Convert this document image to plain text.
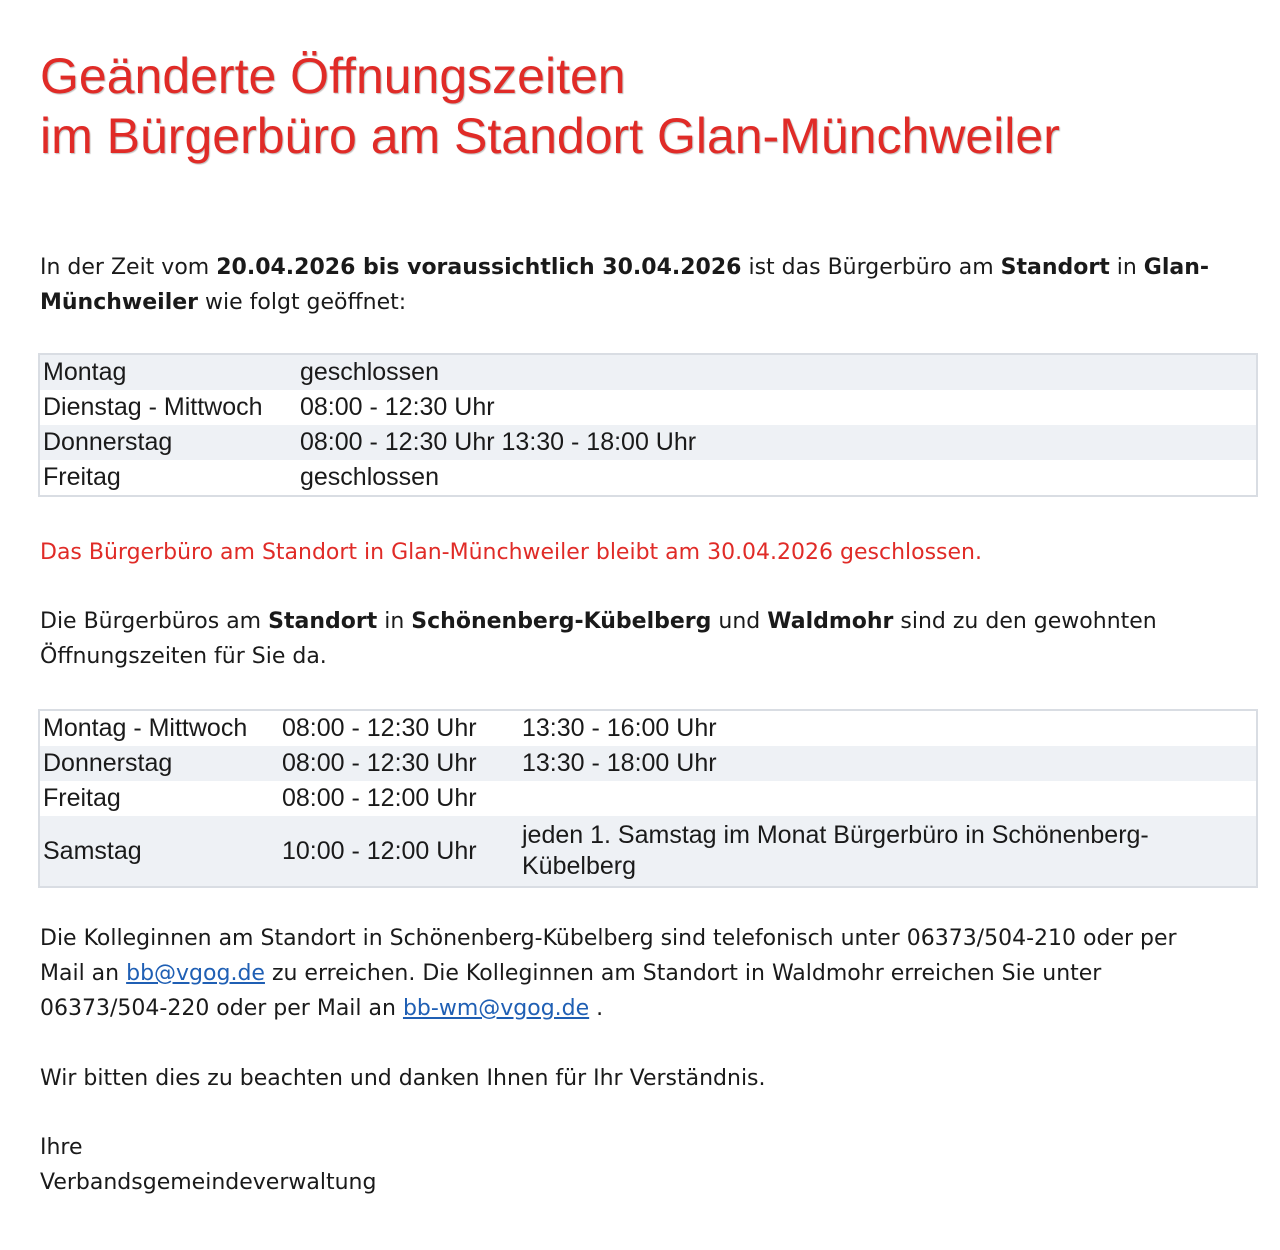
Geänderte Öffnungszeiten
im Bürgerbüro am Standort Glan-Münchweiler

In der Zeit vom 20.04.2026 bis voraussichtlich 30.04.2026 ist das Bürgerbüro am Standort in Glan-Münchweiler wie folgt geöffnet:

Montag	geschlossen
Dienstag - Mittwoch	08:00 - 12:30 Uhr
Donnerstag	08:00 - 12:30 Uhr 13:30 - 18:00 Uhr
Freitag	geschlossen

Das Bürgerbüro am Standort in Glan-Münchweiler bleibt am 30.04.2026 geschlossen.

Die Bürgerbüros am Standort in Schönenberg-Kübelberg und Waldmohr sind zu den gewohnten Öffnungszeiten für Sie da.

Montag - Mittwoch	08:00 - 12:30 Uhr	13:30 - 16:00 Uhr
Donnerstag	08:00 - 12:30 Uhr	13:30 - 18:00 Uhr
Freitag	08:00 - 12:00 Uhr	
Samstag	10:00 - 12:00 Uhr	jeden 1. Samstag im Monat Bürgerbüro in Schönenberg-Kübelberg

Die Kolleginnen am Standort in Schönenberg-Kübelberg sind telefonisch unter 06373/504-210 oder per Mail an bb@vgog.de zu erreichen. Die Kolleginnen am Standort in Waldmohr erreichen Sie unter 06373/504-220 oder per Mail an bb-wm@vgog.de .

Wir bitten dies zu beachten und danken Ihnen für Ihr Verständnis.

Ihre
Verbandsgemeindeverwaltung
